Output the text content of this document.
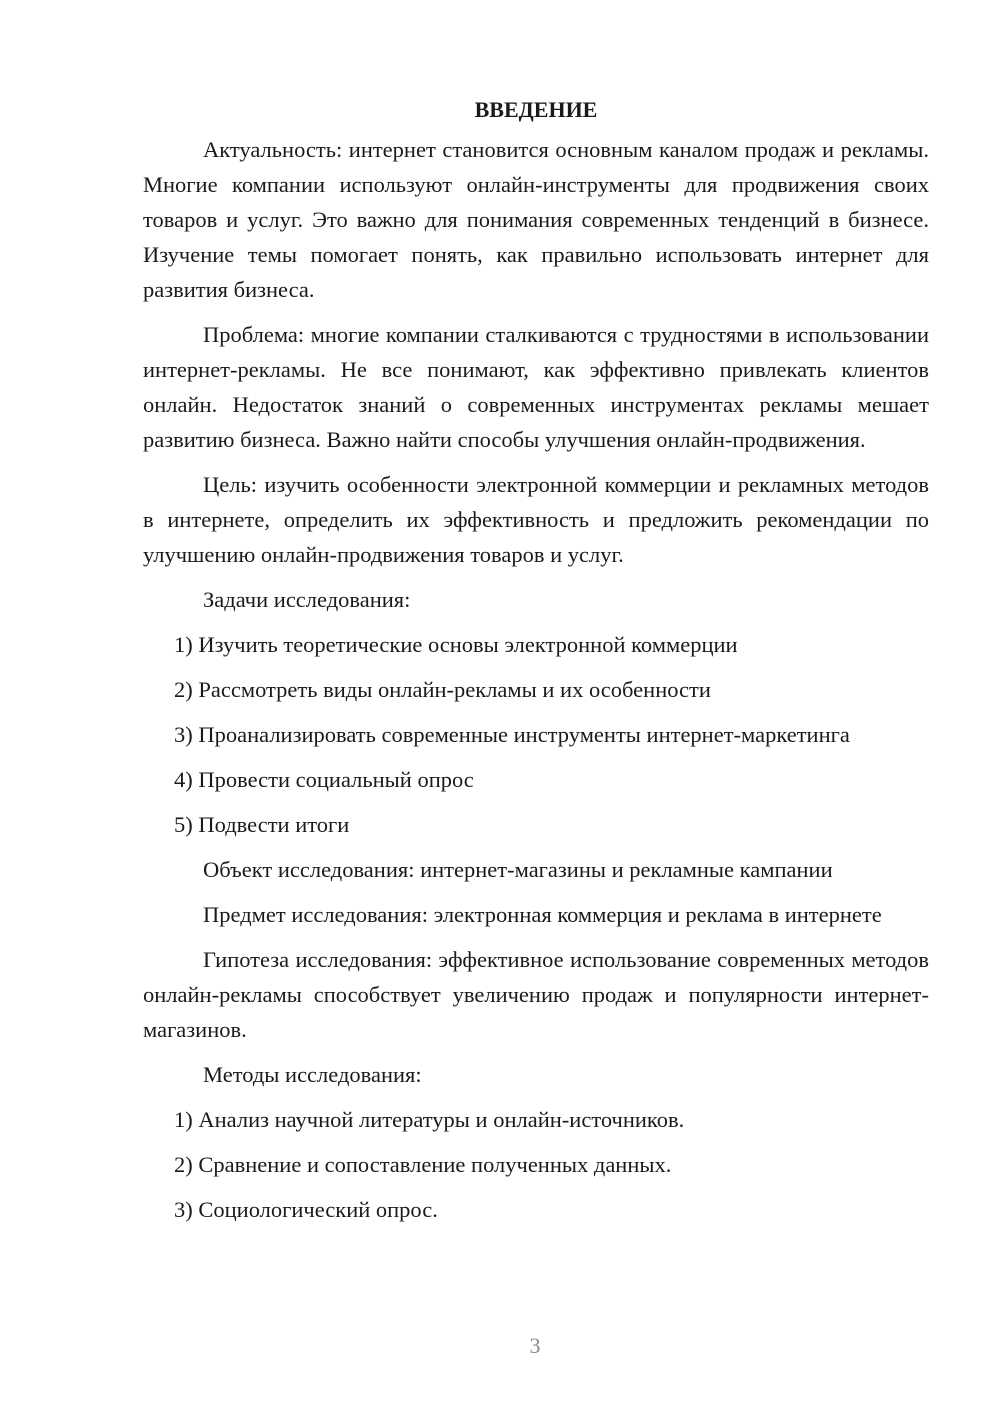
ВВЕДЕНИЕ

Актуальность: интернет становится основным каналом продаж и рекламы. Многие компании используют онлайн-инструменты для продвижения своих товаров и услуг. Это важно для понимания современных тенденций в бизнесе. Изучение темы помогает понять, как правильно использовать интернет для развития бизнеса.

Проблема: многие компании сталкиваются с трудностями в использовании интернет-рекламы. Не все понимают, как эффективно привлекать клиентов онлайн. Недостаток знаний о современных инструментах рекламы мешает развитию бизнеса. Важно найти способы улучшения онлайн-продвижения.

Цель: изучить особенности электронной коммерции и рекламных методов в интернете, определить их эффективность и предложить рекомендации по улучшению онлайн-продвижения товаров и услуг.

Задачи исследования:

1) Изучить теоретические основы электронной коммерции
2) Рассмотреть виды онлайн-рекламы и их особенности
3) Проанализировать современные инструменты интернет-маркетинга
4) Провести социальный опрос
5) Подвести итоги

Объект исследования: интернет-магазины и рекламные кампании

Предмет исследования: электронная коммерция и реклама в интернете

Гипотеза исследования: эффективное использование современных методов онлайн-рекламы способствует увеличению продаж и популярности интернет-магазинов.

Методы исследования:

1) Анализ научной литературы и онлайн-источников.
2) Сравнение и сопоставление полученных данных.
3) Социологический опрос.
3
